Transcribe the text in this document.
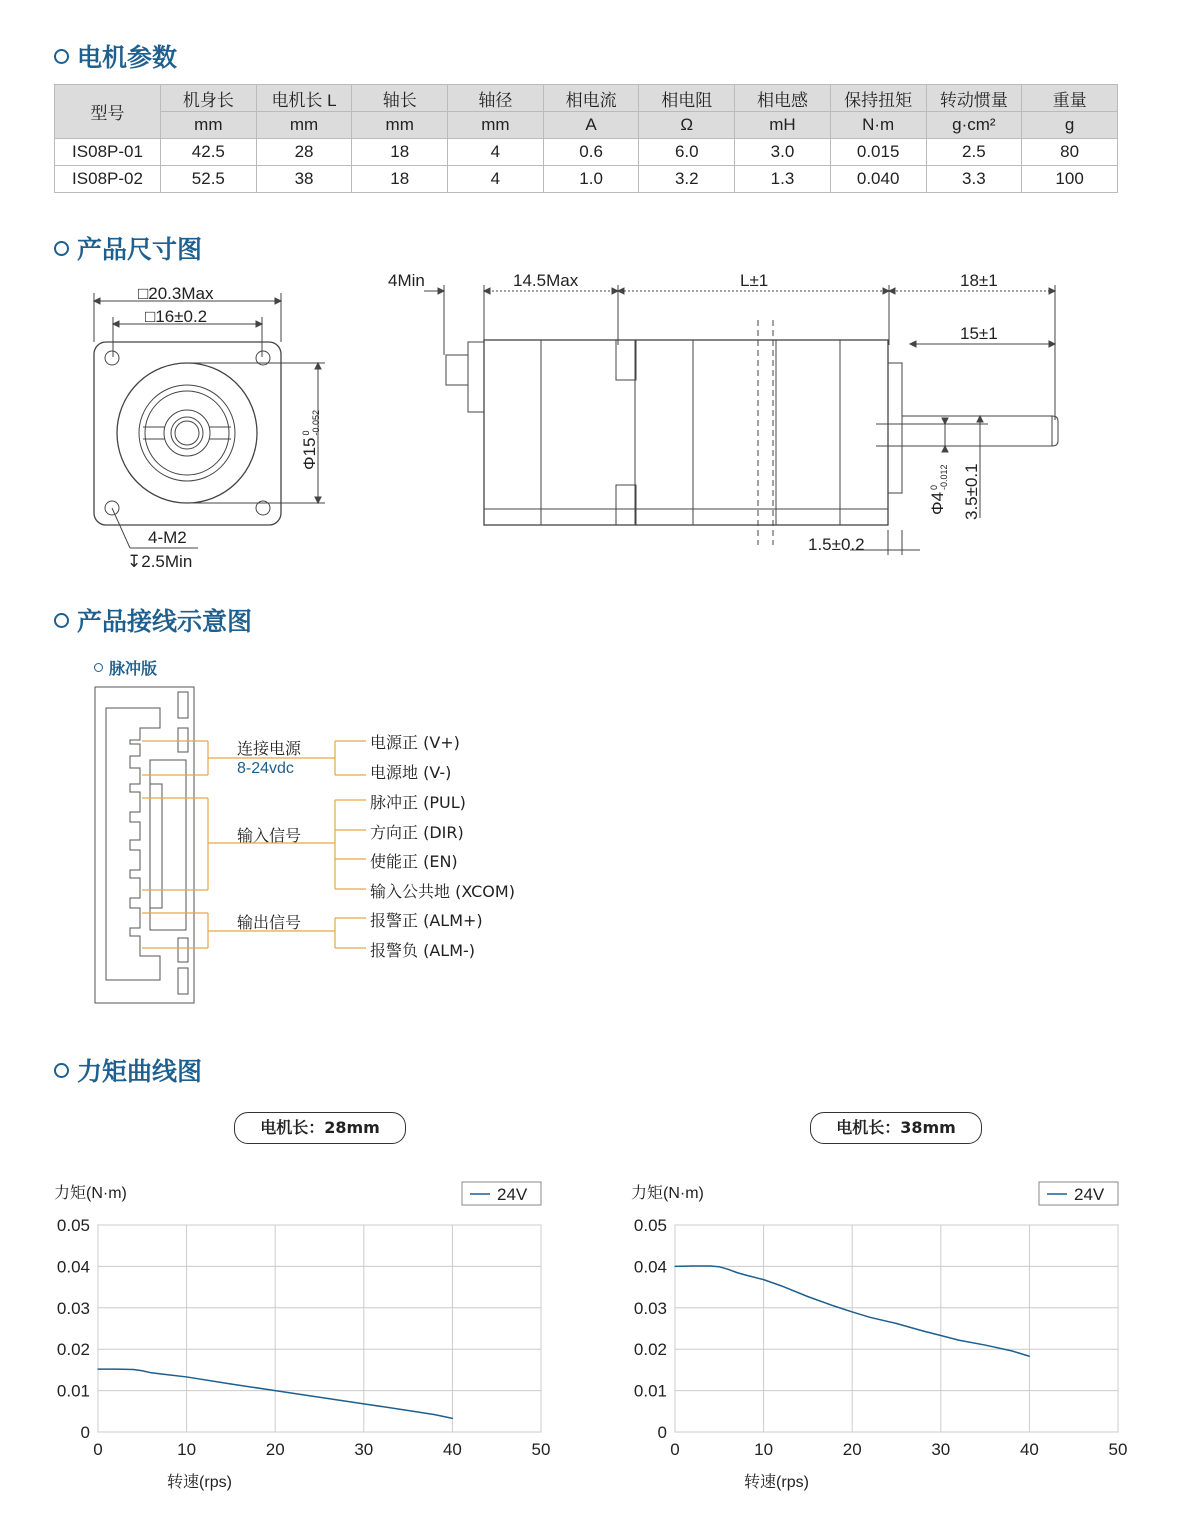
电机参数
产品尺寸图
产品接线示意图
力矩曲线图
型号	机身长	电机长 L	轴长	轴径	相电流	相电阻	相电感	保持扭矩	转动惯量	重量
	mm	mm	mm	mm	A	Ω	mH	N·m	g·cm²	g
IS08P-01	42.5	28	18	4	0.6	6.0	3.0	0.015	2.5	80
IS08P-02	52.5	38	18	4	1.0	3.2	1.3	0.040	3.3	100
□20.3Max
□16±0.2
Φ150
-0.052
4-M2
↧2.5Min
4Min	14.5Max	L±1	18±1
15±1
1.5±0.2
Φ40
-0.012 3.5±0.1
脉冲版
连接电源
8-24vdc
电源正 (V+)
电源地 (V-)
输入信号
脉冲正 (PUL)
方向正 (DIR)
使能正 (EN)
输入公共地 (XCOM)
输出信号	报警正 (ALM+)
报警负 (ALM-)
电机长：28mm	电机长：38mm
0	10	20	30	40	50
0
0.01
0.02
0.03
0.04
0.05
力矩(N·m)
转速(rps)
24V
0	10	20	30	40	50
0
0.01
0.02
0.03
0.04
0.05
力矩(N·m)
转速(rps)
24V
